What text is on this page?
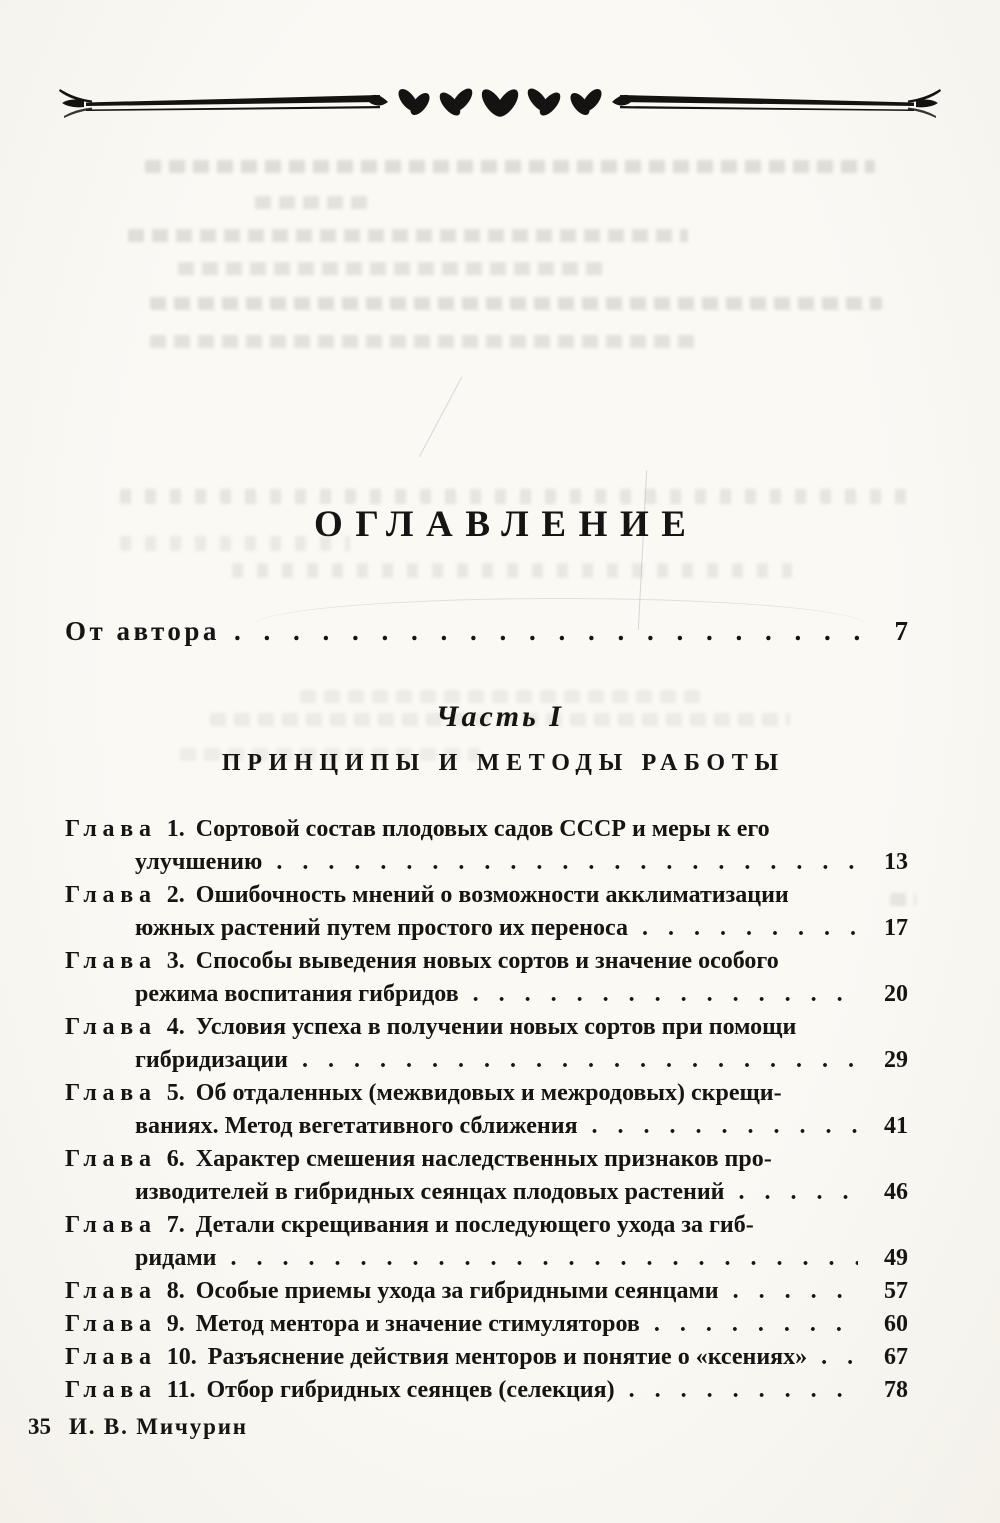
ОГЛАВЛЕНИЕ
От автора . . .	7
Часть I
ПРИНЦИПЫ И МЕТОДЫ РАБОТЫ
Глава 1. Сортовой состав плодовых садов СССР и меры к его
улучшению . . .	13
Глава 2. Ошибочность мнений о возможности акклиматизации
южных растений путем простого их переноса . . .	17
Глава 3. Способы выведения новых сортов и значение особого
режима воспитания гибридов . . .	20
Глава 4. Условия успеха в получении новых сортов при помощи
гибридизации . . .	29
Глава 5. Об отдаленных (межвидовых и межродовых) скрещи-
ваниях. Метод вегетативного сближения . . .	41
Глава 6. Характер смешения наследственных признаков про-
изводителей в гибридных сеянцах плодовых растений . . .	46
Глава 7. Детали скрещивания и последующего ухода за гиб-
ридами . . .	49
Глава 8. Особые приемы ухода за гибридными сеянцами . . .	57
Глава 9. Метод ментора и значение стимуляторов . . .	60
Глава 10. Разъяснение действия менторов и понятие о «ксениях» . . .	67
Глава 11. Отбор гибридных сеянцев (селекция) . . .	78
35 И. В. Мичурин
